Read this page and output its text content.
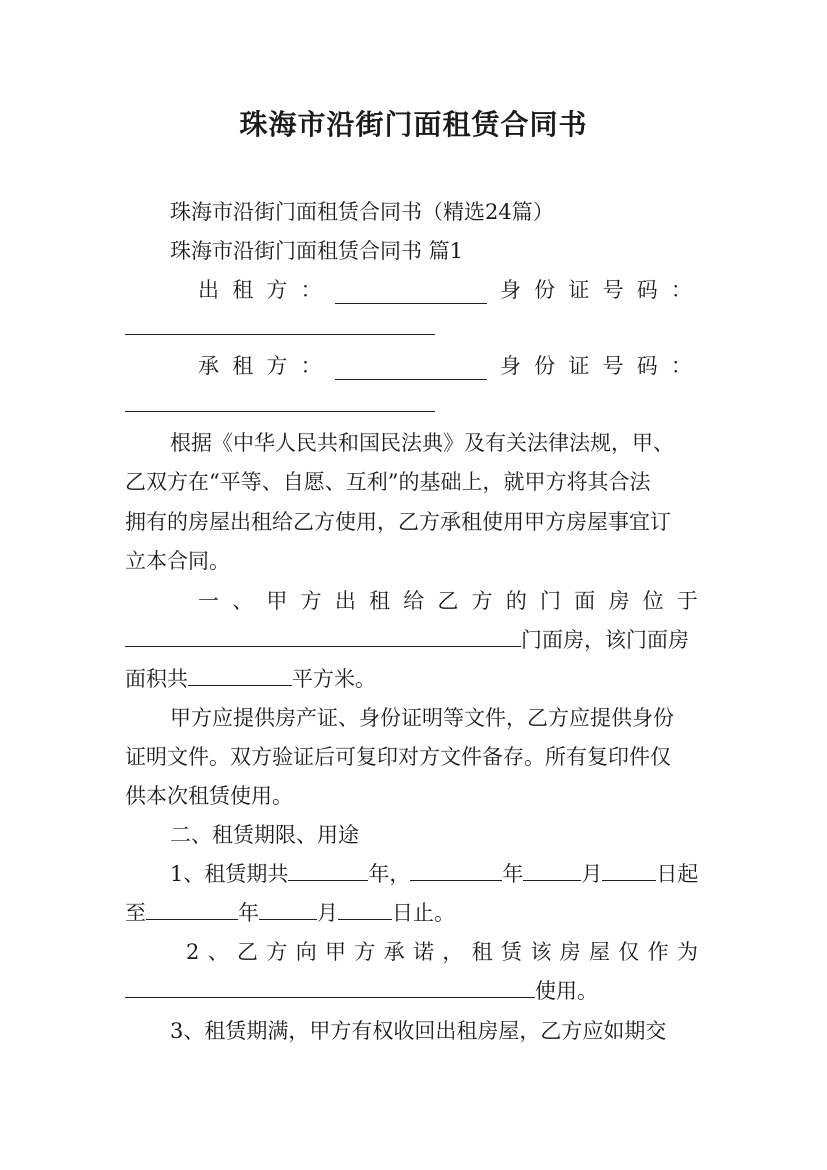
珠海市沿街门面租赁合同书
珠海市沿街门面租赁合同书（精选24篇）
珠海市沿街门面租赁合同书 篇1
出 租 方 ：	身 份 证 号 码 ：
承 租 方 ：	身 份 证 号 码 ：
根据《中华人民共和国民法典》及有关法律法规，甲、
乙双方在“平等、自愿、互利”的基础上，就甲方将其合法
拥有的房屋出租给乙方使用，乙方承租使用甲方房屋事宜订
立本合同。
一 、 甲 方 出 租 给 乙 方 的 门 面 房 位 于
门面房，该门面房
面积共	平方米。
甲方应提供房产证、身份证明等文件，乙方应提供身份
证明文件。双方验证后可复印对方文件备存。所有复印件仅
供本次租赁使用。
二、租赁期限、用途
1、租赁期共	年，	年	月	日起
至	年	月	日止。
2 、 乙 方 向 甲 方 承 诺 ， 租 赁 该 房 屋 仅 作 为
使用。
3、租赁期满，甲方有权收回出租房屋，乙方应如期交
